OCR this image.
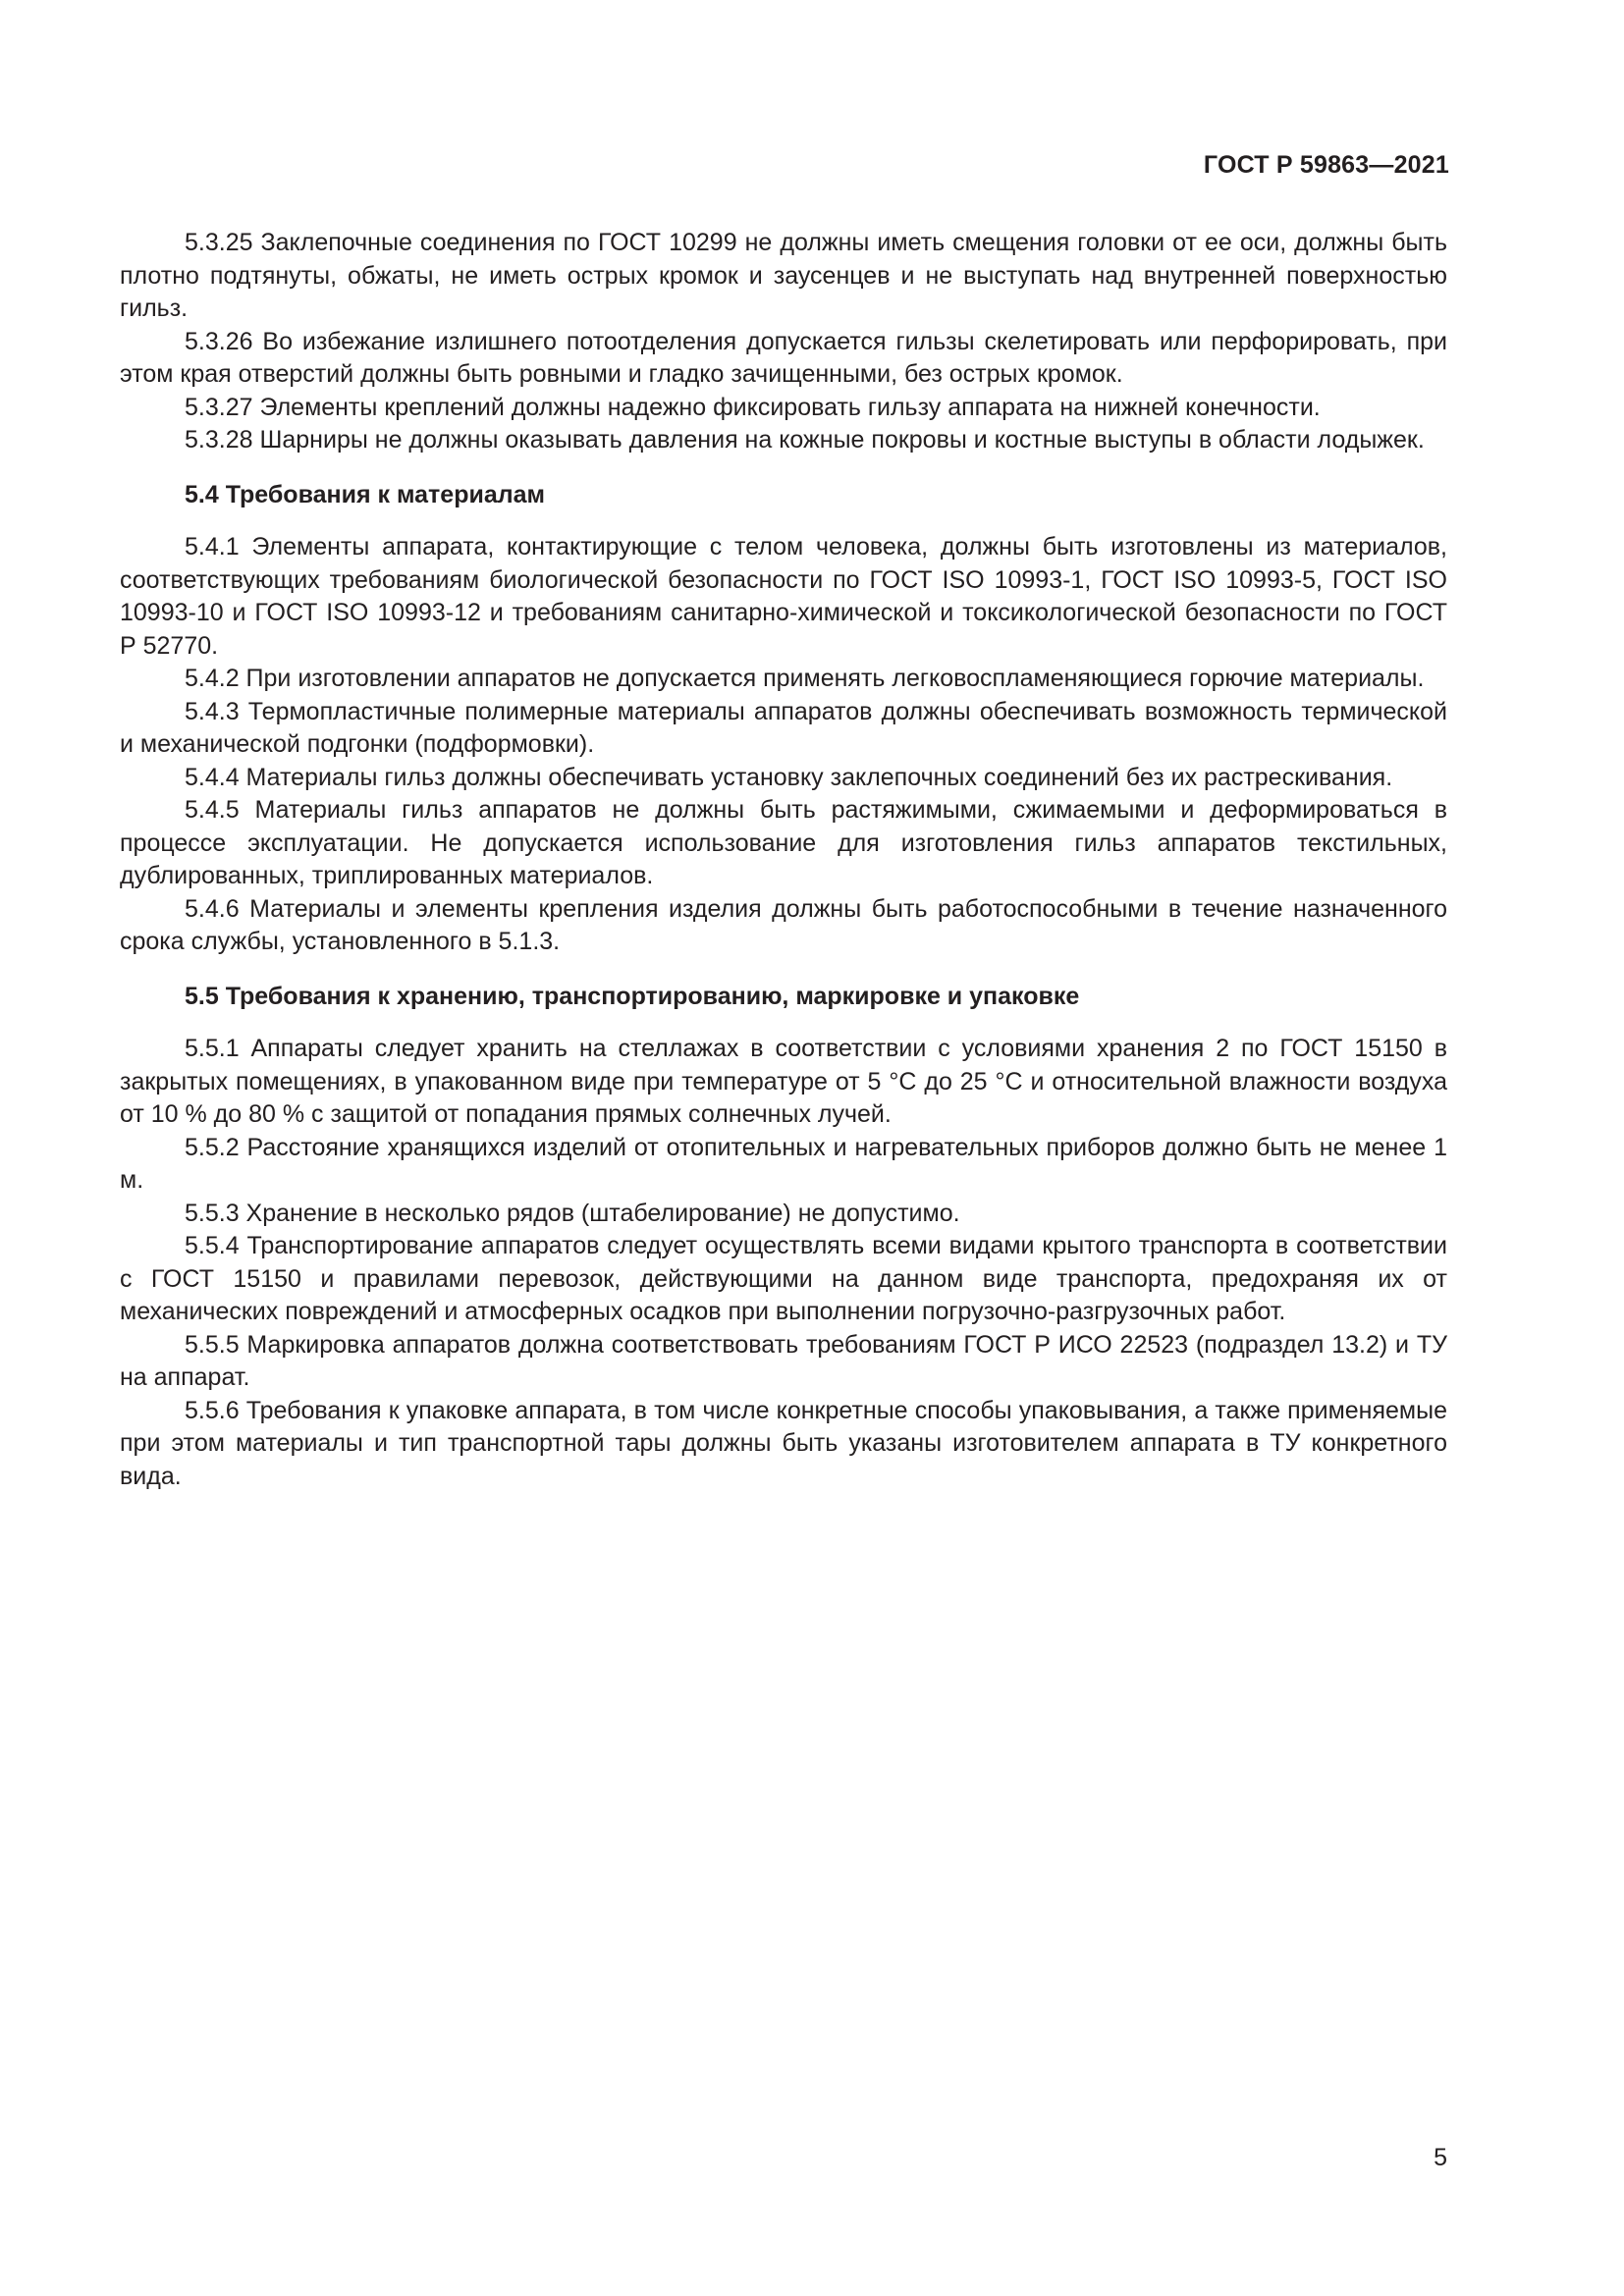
ГОСТ Р 59863—2021

5.3.25 Заклепочные соединения по ГОСТ 10299 не должны иметь смещения головки от ее оси, должны быть плотно подтянуты, обжаты, не иметь острых кромок и заусенцев и не выступать над внутренней поверхностью гильз.

5.3.26 Во избежание излишнего потоотделения допускается гильзы скелетировать или перфорировать, при этом края отверстий должны быть ровными и гладко зачищенными, без острых кромок.

5.3.27 Элементы креплений должны надежно фиксировать гильзу аппарата на нижней конечности.

5.3.28 Шарниры не должны оказывать давления на кожные покровы и костные выступы в области лодыжек.

5.4 Требования к материалам

5.4.1 Элементы аппарата, контактирующие с телом человека, должны быть изготовлены из материалов, соответствующих требованиям биологической безопасности по ГОСТ ISO 10993-1, ГОСТ ISO 10993-5, ГОСТ ISO 10993-10 и ГОСТ ISO 10993-12 и требованиям санитарно-химической и токсикологической безопасности по ГОСТ Р 52770.

5.4.2 При изготовлении аппаратов не допускается применять легковоспламеняющиеся горючие материалы.

5.4.3 Термопластичные полимерные материалы аппаратов должны обеспечивать возможность термической и механической подгонки (подформовки).

5.4.4 Материалы гильз должны обеспечивать установку заклепочных соединений без их растрескивания.

5.4.5 Материалы гильз аппаратов не должны быть растяжимыми, сжимаемыми и деформироваться в процессе эксплуатации. Не допускается использование для изготовления гильз аппаратов текстильных, дублированных, триплированных материалов.

5.4.6 Материалы и элементы крепления изделия должны быть работоспособными в течение назначенного срока службы, установленного в 5.1.3.

5.5 Требования к хранению, транспортированию, маркировке и упаковке

5.5.1 Аппараты следует хранить на стеллажах в соответствии с условиями хранения 2 по ГОСТ 15150 в закрытых помещениях, в упакованном виде при температуре от 5 °С до 25 °С и относительной влажности воздуха от 10 % до 80 % с защитой от попадания прямых солнечных лучей.

5.5.2 Расстояние хранящихся изделий от отопительных и нагревательных приборов должно быть не менее 1 м.

5.5.3 Хранение в несколько рядов (штабелирование) не допустимо.

5.5.4 Транспортирование аппаратов следует осуществлять всеми видами крытого транспорта в соответствии с ГОСТ 15150 и правилами перевозок, действующими на данном виде транспорта, предохраняя их от механических повреждений и атмосферных осадков при выполнении погрузочно-разгрузочных работ.

5.5.5 Маркировка аппаратов должна соответствовать требованиям ГОСТ Р ИСО 22523 (подраздел 13.2) и ТУ на аппарат.

5.5.6 Требования к упаковке аппарата, в том числе конкретные способы упаковывания, а также применяемые при этом материалы и тип транспортной тары должны быть указаны изготовителем аппарата в ТУ конкретного вида.

5
